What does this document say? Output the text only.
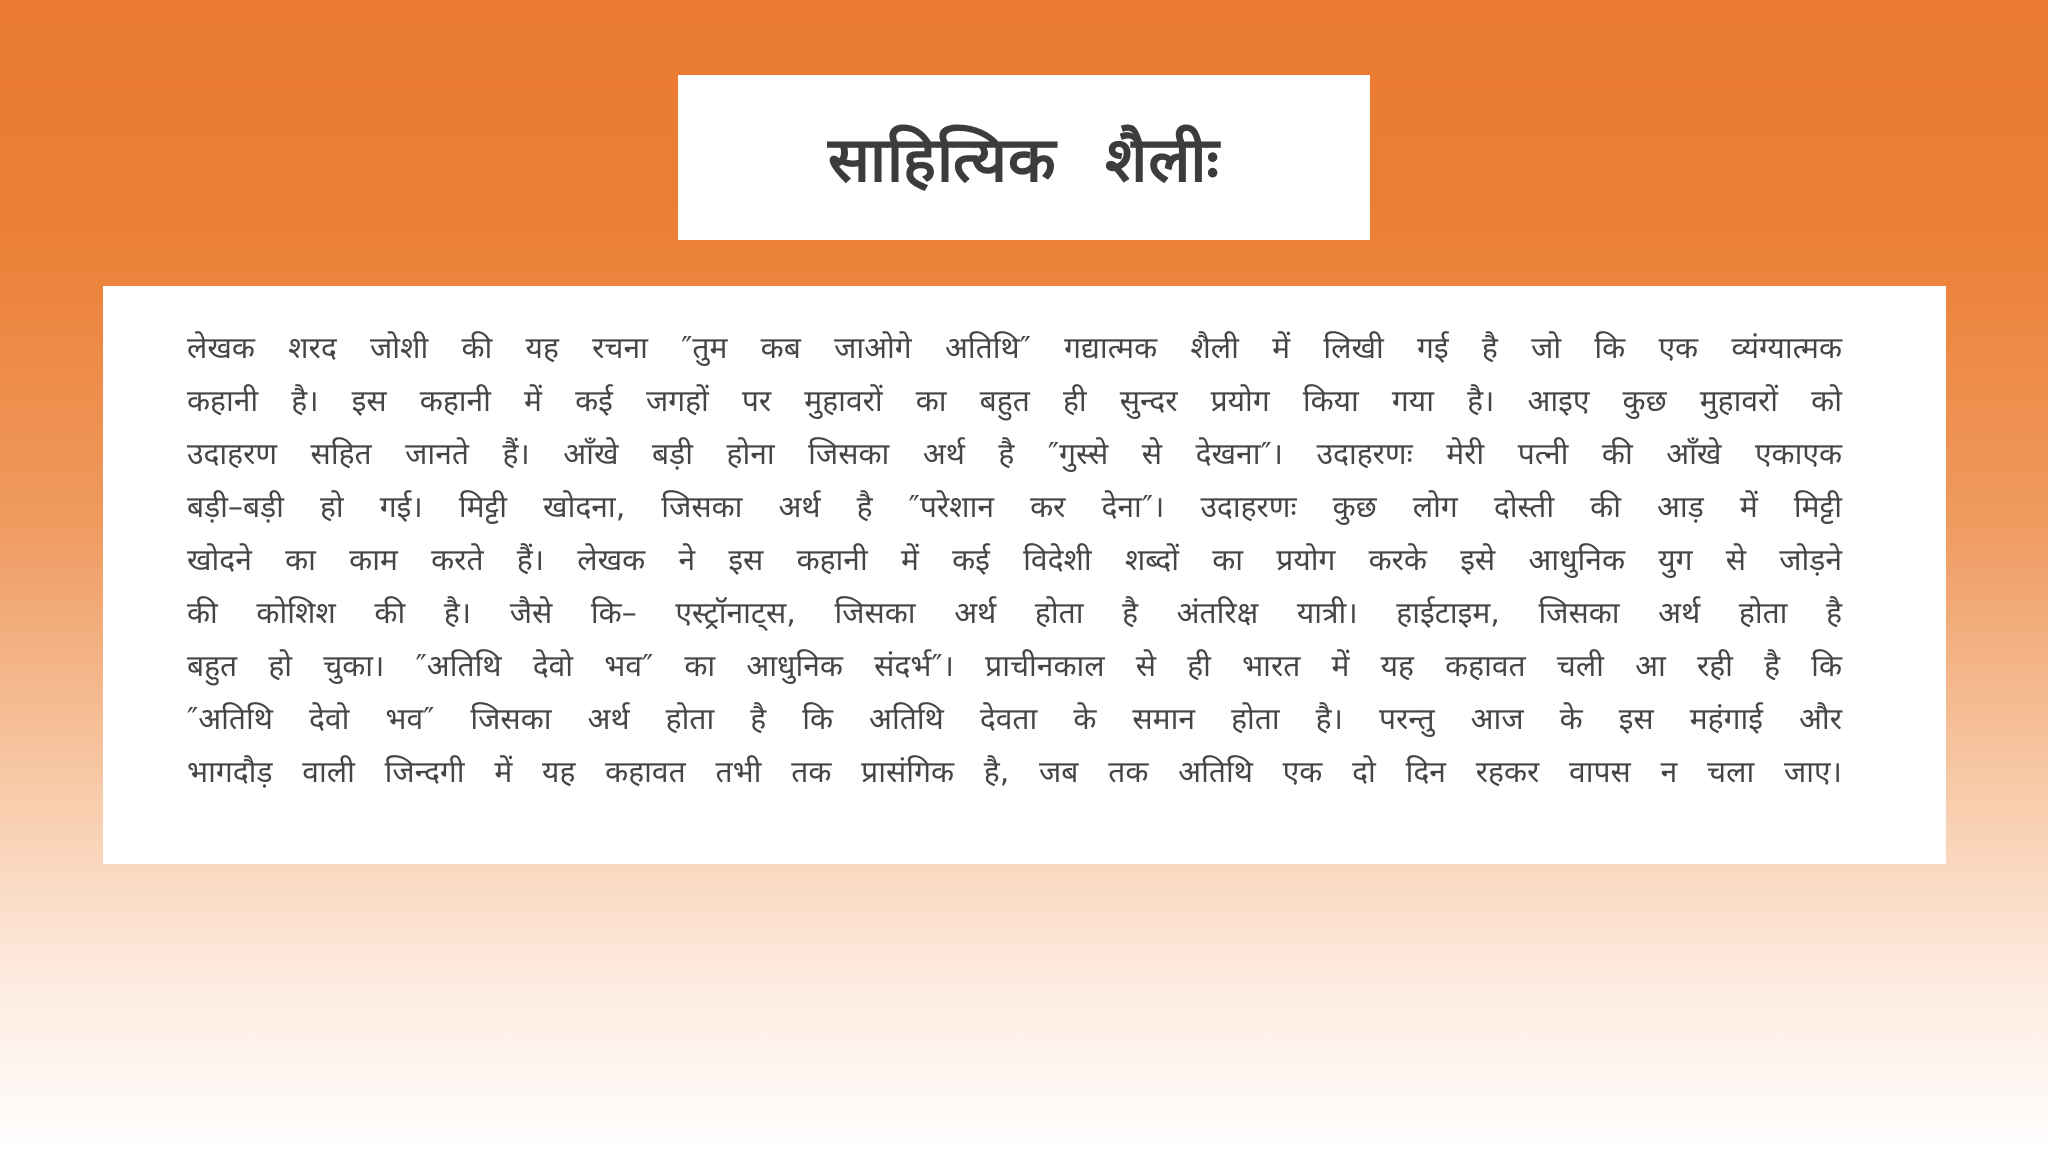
साहित्यिक शैलीः

लेखक शरद जोशी की यह रचना ″तुम कब जाओगे अतिथि″ गद्यात्मक शैली में लिखी गई है जो कि एक व्यंग्यात्मक
कहानी है। इस कहानी में कई जगहों पर मुहावरों का बहुत ही सुन्दर प्रयोग किया गया है। आइए कुछ मुहावरों को
उदाहरण सहित जानते हैं। आँखे बड़ी होना जिसका अर्थ है ″गुस्से से देखना″। उदाहरणः मेरी पत्नी की आँखे एकाएक
बड़ी–बड़ी हो गई। मिट्टी खोदना, जिसका अर्थ है ″परेशान कर देना″। उदाहरणः कुछ लोग दोस्ती की आड़ में मिट्टी
खोदने का काम करते हैं। लेखक ने इस कहानी में कई विदेशी शब्दों का प्रयोग करके इसे आधुनिक युग से जोड़ने
की कोशिश की है। जैसे कि– एस्ट्रॉनाट्स, जिसका अर्थ होता है अंतरिक्ष यात्री। हाईटाइम, जिसका अर्थ होता है
बहुत हो चुका। ″अतिथि देवो भव″ का आधुनिक संदर्भ″। प्राचीनकाल से ही भारत में यह कहावत चली आ रही है कि
″अतिथि देवो भव″ जिसका अर्थ होता है कि अतिथि देवता के समान होता है। परन्तु आज के इस महंगाई और
भागदौड़ वाली जिन्दगी में यह कहावत तभी तक प्रासंगिक है, जब तक अतिथि एक दो दिन रहकर वापस न चला जाए।
